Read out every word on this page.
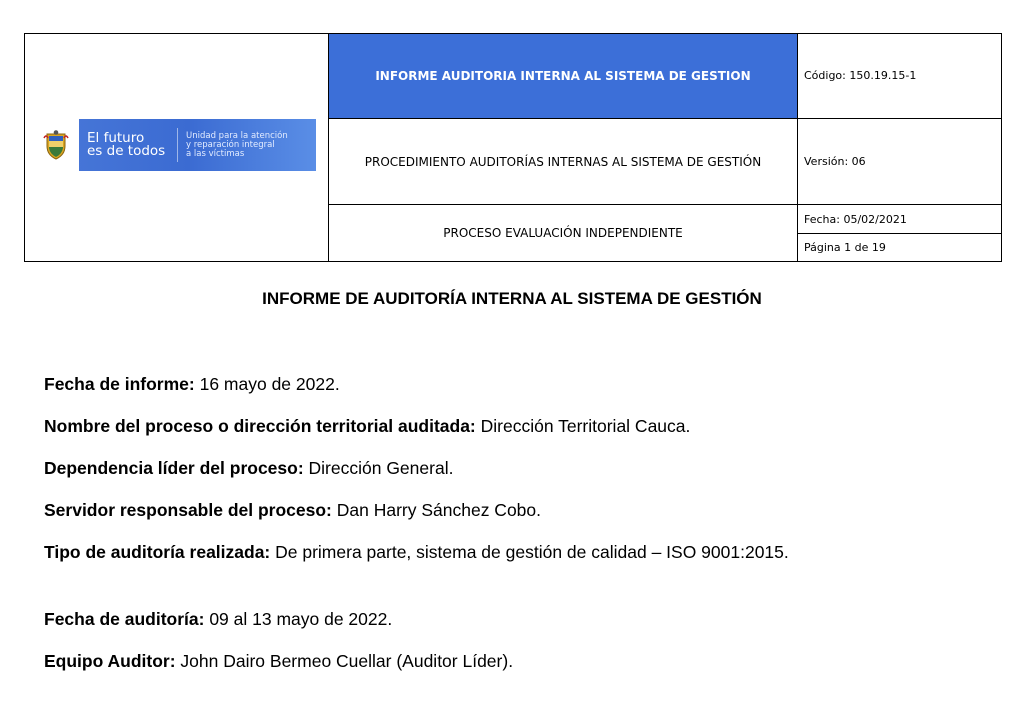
El futuro
es de todos
Unidad para la atención
y reparación integral
a las víctimas	INFORME AUDITORIA INTERNA AL SISTEMA DE GESTION	Código: 150.19.15-1
	PROCEDIMIENTO AUDITORÍAS INTERNAS AL SISTEMA DE GESTIÓN	Versión: 06
	PROCESO EVALUACIÓN INDEPENDIENTE	Fecha: 05/02/2021
		Página 1 de 19
INFORME DE AUDITORÍA INTERNA AL SISTEMA DE GESTIÓN

Fecha de informe: 16 mayo de 2022.

Nombre del proceso o dirección territorial auditada: Dirección Territorial Cauca.

Dependencia líder del proceso: Dirección General.

Servidor responsable del proceso: Dan Harry Sánchez Cobo.

Tipo de auditoría realizada: De primera parte, sistema de gestión de calidad – ISO 9001:2015.

Fecha de auditoría: 09 al 13 mayo de 2022.

Equipo Auditor: John Dairo Bermeo Cuellar (Auditor Líder).
